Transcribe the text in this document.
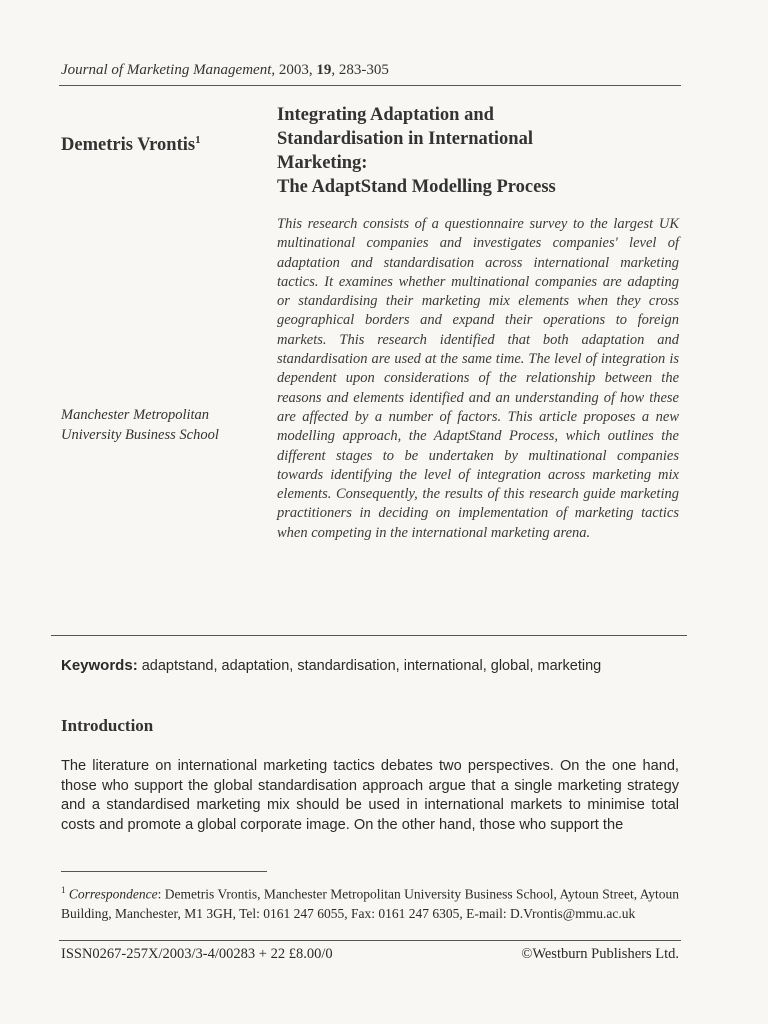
Journal of Marketing Management, 2003, 19, 283-305
Demetris Vrontis$^1$
Integrating Adaptation and
Standardisation in International
Marketing:
The AdaptStand Modelling Process
Manchester Metropolitan
University Business School
This research consists of a questionnaire survey to the largest UK multinational companies and investigates companies' level of adaptation and standardisation across international marketing tactics. It examines whether multinational companies are adapting or standardising their marketing mix elements when they cross geographical borders and expand their operations to foreign markets. This research identified that both adaptation and standardisation are used at the same time. The level of integration is dependent upon considerations of the relationship between the reasons and elements identified and an understanding of how these are affected by a number of factors. This article proposes a new modelling approach, the AdaptStand Process, which outlines the different stages to be undertaken by multinational companies towards identifying the level of integration across marketing mix elements. Consequently, the results of this research guide marketing practitioners in deciding on implementation of marketing tactics when competing in the international marketing arena.
Keywords: adaptstand, adaptation, standardisation, international, global, marketing
Introduction
The literature on international marketing tactics debates two perspectives. On the one hand, those who support the global standardisation approach argue that a single marketing strategy and a standardised marketing mix should be used in international markets to minimise total costs and promote a global corporate image. On the other hand, those who support the
$^1$ Correspondence: Demetris Vrontis, Manchester Metropolitan University Business School, Aytoun Street, Aytoun Building, Manchester, M1 3GH, Tel: 0161 247 6055, Fax: 0161 247 6305, E-mail: D.Vrontis@mmu.ac.uk
ISSN0267-257X/2003/3-4/00283 + 22 £8.00/0	©Westburn Publishers Ltd.
